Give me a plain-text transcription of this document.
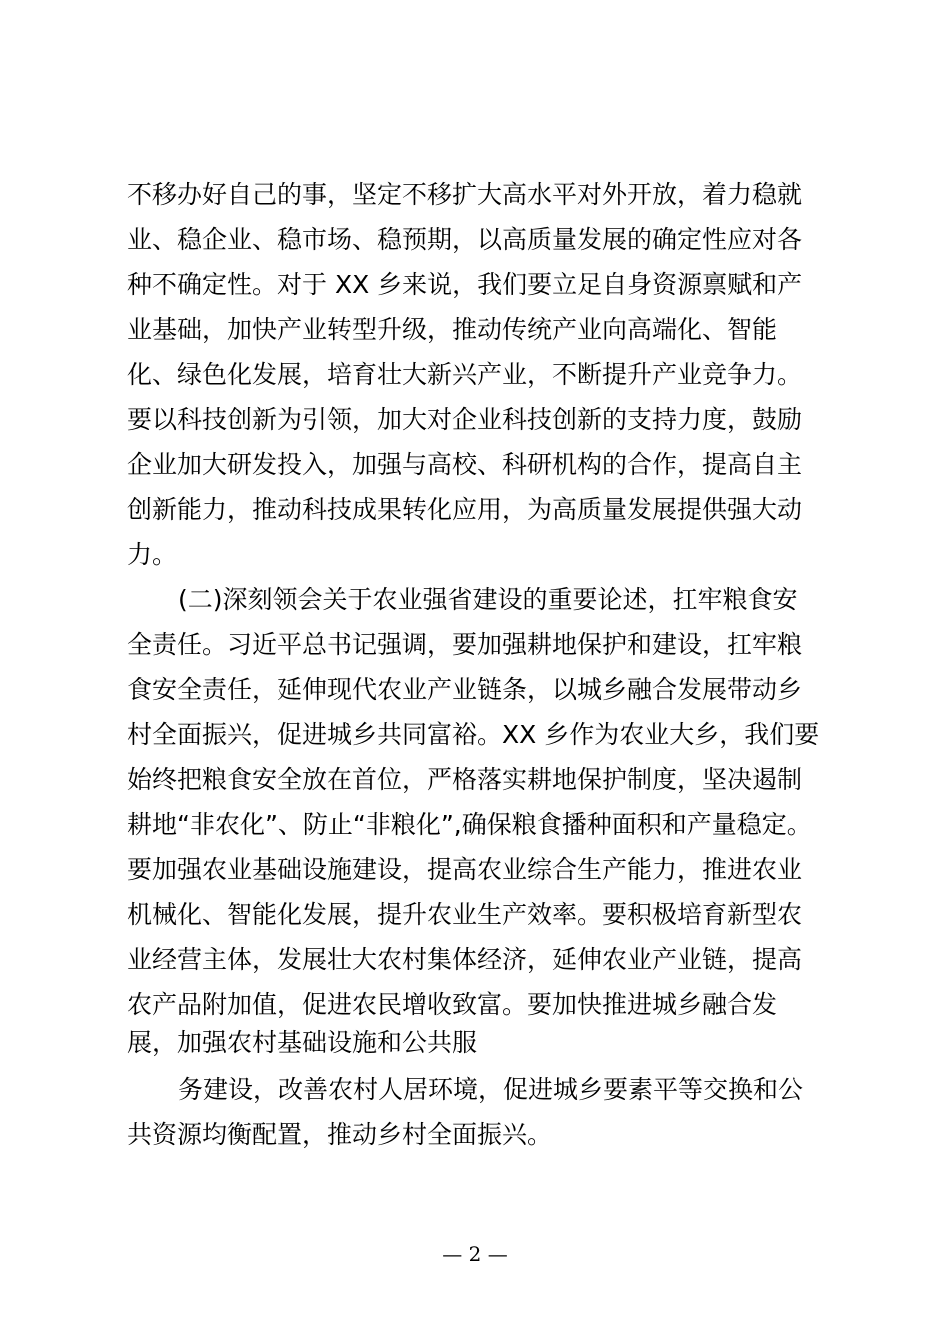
不移办好自己的事，坚定不移扩大高水平对外开放，着力稳就
业、稳企业、稳市场、稳预期，以高质量发展的确定性应对各
种不确定性。对于 XX 乡来说，我们要立足自身资源禀赋和产
业基础，加快产业转型升级，推动传统产业向高端化、智能
化、绿色化发展，培育壮大新兴产业，不断提升产业竞争力。
要以科技创新为引领，加大对企业科技创新的支持力度，鼓励
企业加大研发投入，加强与高校、科研机构的合作，提高自主
创新能力，推动科技成果转化应用，为高质量发展提供强大动
力。
(二)深刻领会关于农业强省建设的重要论述，扛牢粮食安
全责任。习近平总书记强调，要加强耕地保护和建设，扛牢粮
食安全责任，延伸现代农业产业链条，以城乡融合发展带动乡
村全面振兴，促进城乡共同富裕。XX 乡作为农业大乡，我们要
始终把粮食安全放在首位，严格落实耕地保护制度，坚决遏制
耕地“非农化”、防止“非粮化”,确保粮食播种面积和产量稳定。
要加强农业基础设施建设，提高农业综合生产能力，推进农业
机械化、智能化发展，提升农业生产效率。要积极培育新型农
业经营主体，发展壮大农村集体经济，延伸农业产业链，提高
农产品附加值，促进农民增收致富。要加快推进城乡融合发
展，加强农村基础设施和公共服
务建设，改善农村人居环境，促进城乡要素平等交换和公
共资源均衡配置，推动乡村全面振兴。
— 2 —
